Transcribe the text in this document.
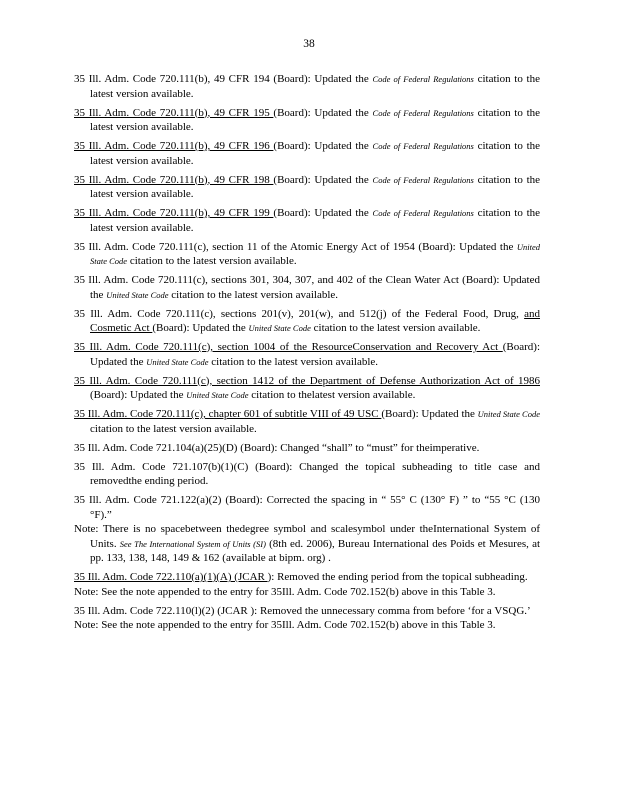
38

35 Ill. Adm. Code 720.111(b), 49 CFR 194 (Board): Updated the Code of Federal Regulations citation to the latest version available.

35 Ill. Adm. Code 720.111(b), 49 CFR 195 (Board): Updated the Code of Federal Regulations citation to the latest version available.

35 Ill. Adm. Code 720.111(b), 49 CFR 196 (Board): Updated the Code of Federal Regulations citation to the latest version available.

35 Ill. Adm. Code 720.111(b), 49 CFR 198 (Board): Updated the Code of Federal Regulations citation to the latest version available.

35 Ill. Adm. Code 720.111(b), 49 CFR 199 (Board): Updated the Code of Federal Regulations citation to the latest version available.

35 Ill. Adm. Code 720.111(c), section 11 of the Atomic Energy Act of 1954 (Board): Updated the United State Code citation to the latest version available.

35 Ill. Adm. Code 720.111(c), sections 301, 304, 307, and 402 of the Clean Water Act (Board): Updated the United State Code citation to the latest version available.

35 Ill. Adm. Code 720.111(c), sections 201(v), 201(w), and 512(j) of the Federal Food, Drug, and Cosmetic Act (Board): Updated the United State Code citation to the latest version available.

35 Ill. Adm. Code 720.111(c), section 1004 of the ResourceConservation and Recovery Act (Board): Updated the United State Code citation to the latest version available.

35 Ill. Adm. Code 720.111(c), section 1412 of the Department of Defense Authorization Act of 1986 (Board): Updated the United State Code citation to thelatest version available.

35 Ill. Adm. Code 720.111(c), chapter 601 of subtitle VIII of 49 USC (Board): Updated the United State Code citation to the latest version available.

35 Ill. Adm. Code 721.104(a)(25)(D) (Board): Changed “shall” to “must” for theimperative.

35 Ill. Adm. Code 721.107(b)(1)(C) (Board): Changed the topical subheading to title case and removedthe ending period.

35 Ill. Adm. Code 721.122(a)(2) (Board): Corrected the spacing in “ 55° C (130° F) ” to “55 °C (130 °F).”

Note: There is no spacebetween thedegree symbol and scalesymbol under theInternational System of Units. See The International System of Units (SI) (8th ed. 2006), Bureau International des Poids et Mesures, at pp. 133, 138, 148, 149 & 162 (available at bipm. org) .

35 Ill. Adm. Code 722.110(a)(1)(A) (JCAR ): Removed the ending period from the topical subheading.

Note: See the note appended to the entry for 35Ill. Adm. Code 702.152(b) above in this Table 3.

35 Ill. Adm. Code 722.110(l)(2) (JCAR ): Removed the unnecessary comma from before ‘for a VSQG.’

Note: See the note appended to the entry for 35Ill. Adm. Code 702.152(b) above in this Table 3.
